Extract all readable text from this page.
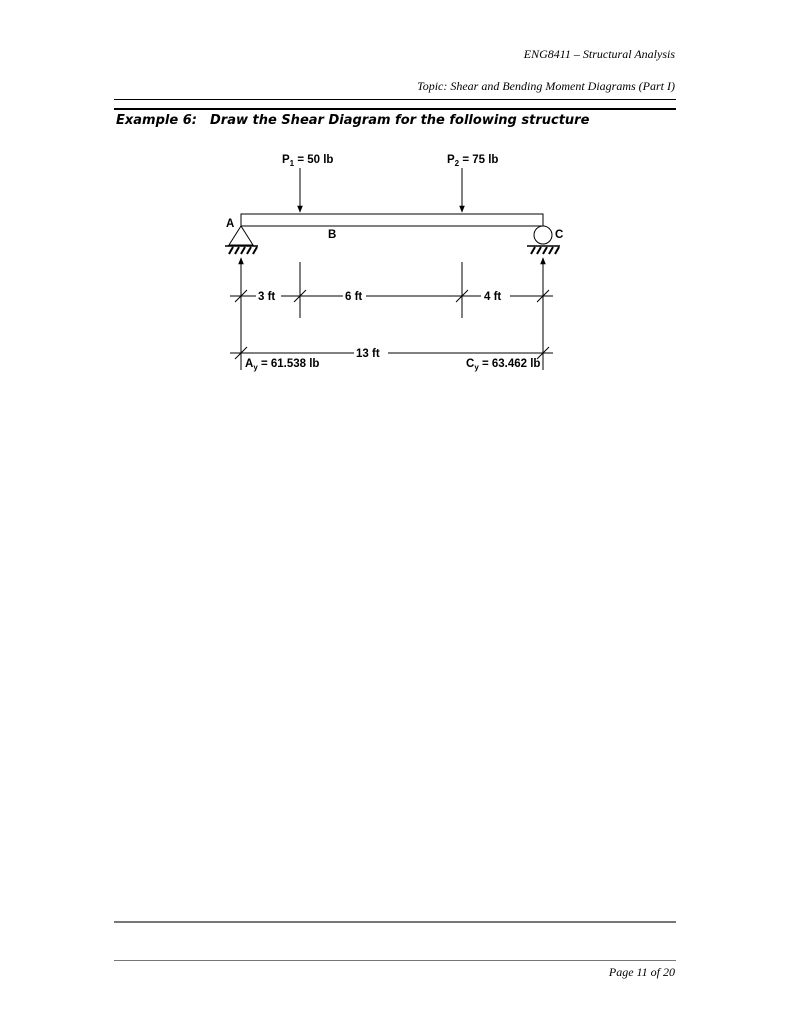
ENG8411 – Structural Analysis
Topic: Shear and Bending Moment Diagrams (Part I)
Example 6: Draw the Shear Diagram for the following structure
A
B	C
$P_1 = 50$ lb	$P_2 = 75$ lb
3 ft	6 ft	4 ft
13 ft
$A_y = 61.538$ lb	$C_y = 63.462$ lb
Page 11 of 20
